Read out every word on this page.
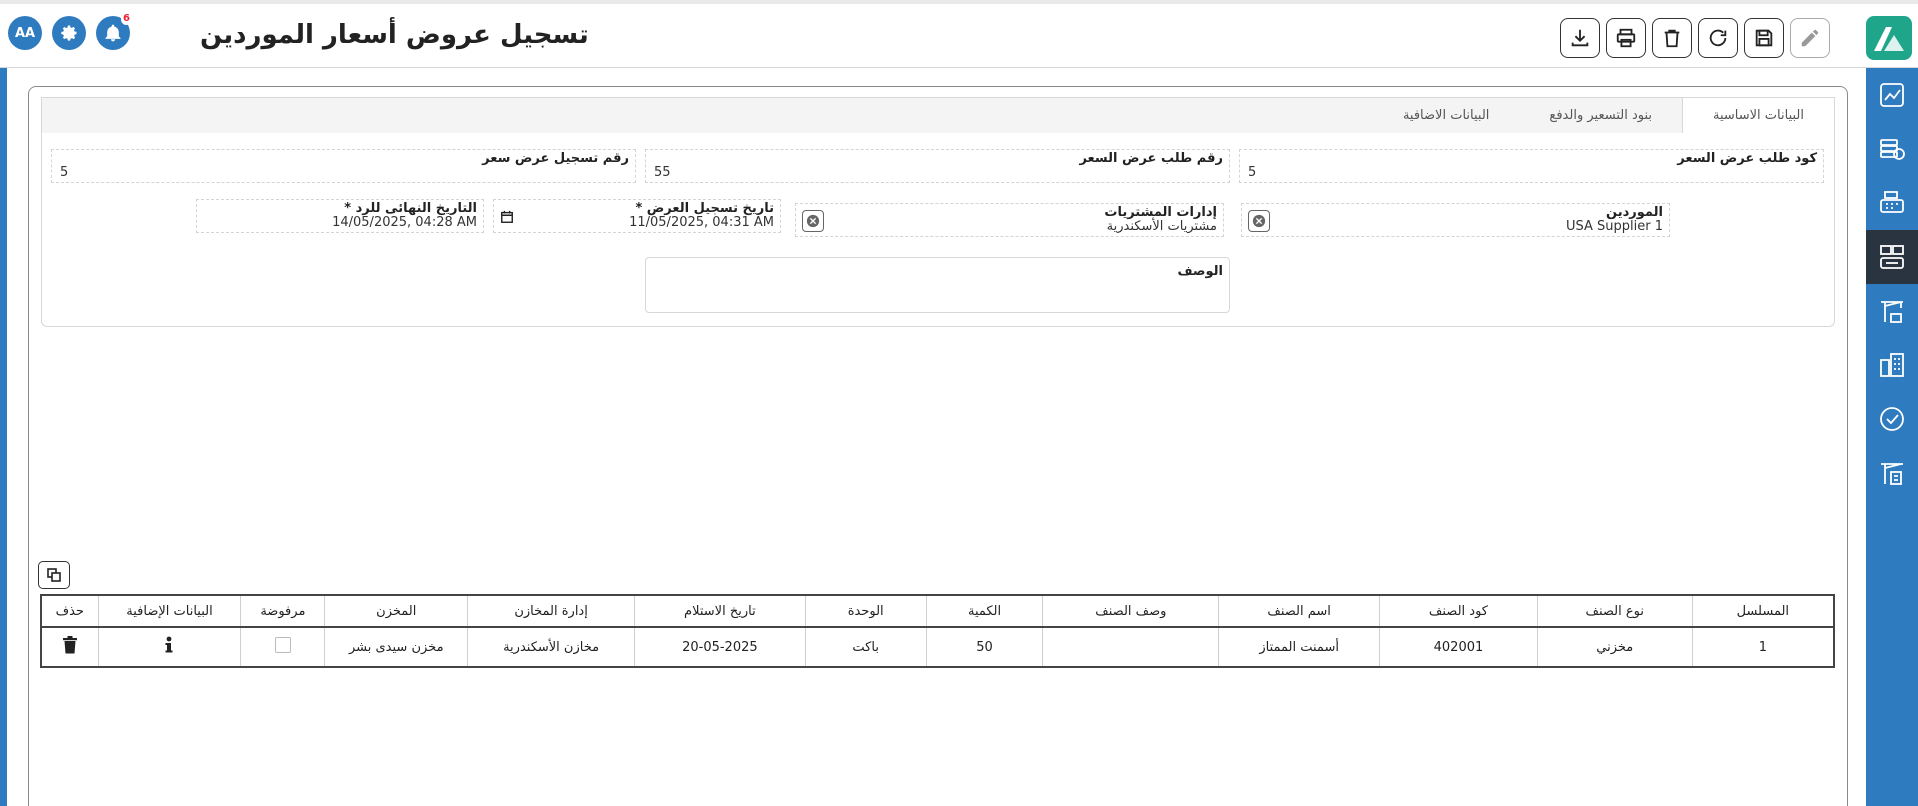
AA
6
تسجيل عروض أسعار الموردين
البيانات الاساسية
بنود التسعير والدفع
البيانات الاضافية
كود طلب عرض السعر
5
رقم طلب عرض السعر
55
رقم تسجيل عرض سعر
5
الموردين
USA Supplier 1
إدارات المشتريات
مشتريات الأسكندرية
تاريخ تسجيل العرض *
11/05/2025, 04:31 AM
التاريخ النهائى للرد *
14/05/2025, 04:28 AM
الوصف
المسلسل	نوع الصنف	كود الصنف	اسم الصنف	وصف الصنف	الكمية	الوحدة	تاريخ الاستلام	إدارة المخازن	المخزن	مرفوضة	البيانات الإضافية	حذف
1	مخزني	402001	أسمنت الممتاز		50	باكت	20-05-2025	مخازن الأسكندرية	مخزن سيدى بشر			
